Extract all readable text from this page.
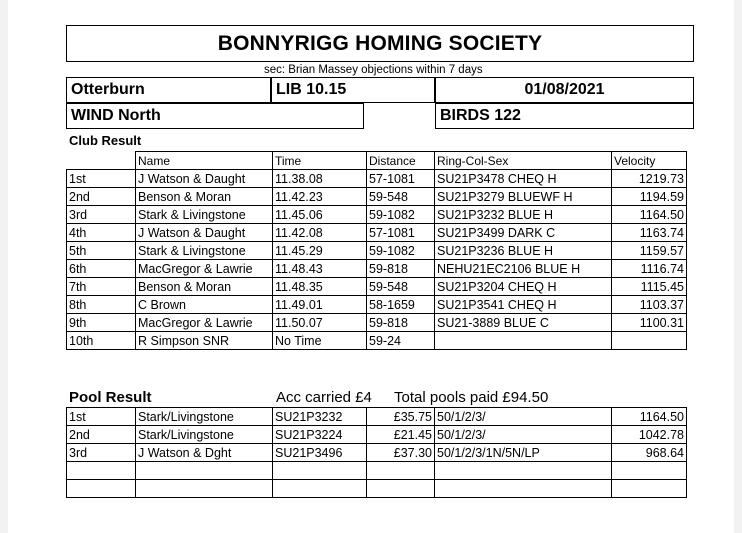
BONNYRIGG HOMING SOCIETY
sec: Brian Massey objections within 7 days
Otterburn	LIB 10.15	01/08/2021
WIND North	BIRDS 122
Club Result
	Name	Time	Distance	Ring-Col-Sex	Velocity
1st	J Watson & Daught	11.38.08	57-1081	SU21P3478 CHEQ H	1219.73
2nd	Benson & Moran	11.42.23	59-548	SU21P3279 BLUEWF H	1194.59
3rd	Stark & Livingstone	11.45.06	59-1082	SU21P3232 BLUE H	1164.50
4th	J Watson & Daught	11.42.08	57-1081	SU21P3499 DARK C	1163.74
5th	Stark & Livingstone	11.45.29	59-1082	SU21P3236 BLUE H	1159.57
6th	MacGregor & Lawrie	11.48.43	59-818	NEHU21EC2106 BLUE H	1116.74
7th	Benson & Moran	11.48.35	59-548	SU21P3204 CHEQ H	1115.45
8th	C Brown	11.49.01	58-1659	SU21P3541 CHEQ H	1103.37
9th	MacGregor & Lawrie	11.50.07	59-818	SU21-3889 BLUE C	1100.31
10th	R Simpson SNR	No Time	59-24		
Pool Result	Acc carried £4 Total pools paid £94.50
1st	Stark/Livingstone	SU21P3232	£35.75	50/1/2/3/	1164.50
2nd	Stark/Livingstone	SU21P3224	£21.45	50/1/2/3/	1042.78
3rd	J Watson & Dght	SU21P3496	£37.30	50/1/2/3/1N/5N/LP	968.64
